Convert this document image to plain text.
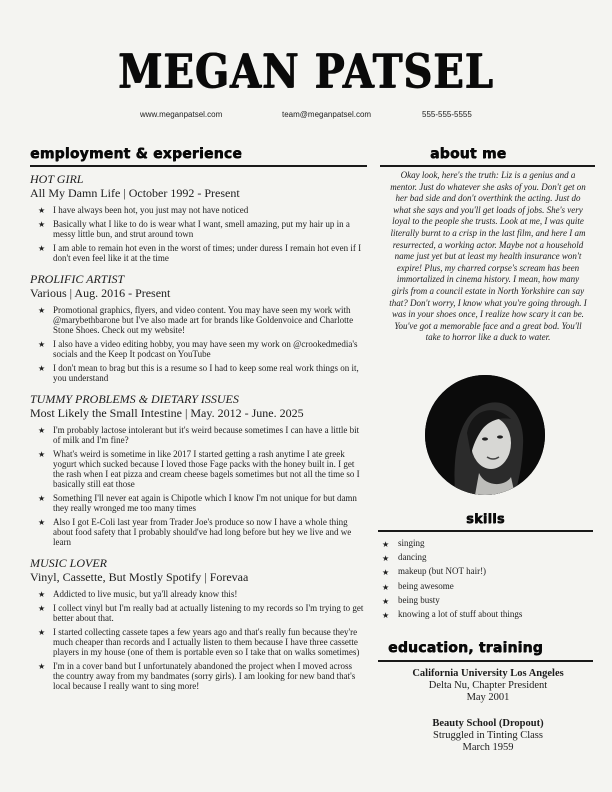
MEGAN PATSEL
www.meganpatsel.com	team@meganpatsel.com	555-555-5555
employment & experience
HOT GIRL
All My Damn Life | October 1992 - Present
★ I have always been hot, you just may not have noticed
★ Basically what I like to do is wear what I want, smell amazing, put my hair up in a messy little bun, and strut around town
★ I am able to remain hot even in the worst of times; under duress I remain hot even if I don't even feel like it at the time
PROLIFIC ARTIST
Various | Aug. 2016 - Present
★ Promotional graphics, flyers, and video content. You may have seen my work with @marybethbarone but I've also made art for brands like Goldenvoice and Charlotte Stone Shoes. Check out my website!
★ I also have a video editing hobby, you may have seen my work on @crookedmedia's socials and the Keep It podcast on YouTube
★ I don't mean to brag but this is a resume so I had to keep some real work things on it, you understand
TUMMY PROBLEMS & DIETARY ISSUES
Most Likely the Small Intestine | May. 2012 - June. 2025
★ I'm probably lactose intolerant but it's weird because sometimes I can have a little bit of milk and I'm fine?
★ What's weird is sometime in like 2017 I started getting a rash anytime I ate greek yogurt which sucked because I loved those Fage packs with the honey built in. I get the rash when I eat pizza and cream cheese bagels sometimes but not all the time so I basically still eat those
★ Something I'll never eat again is Chipotle which I know I'm not unique for but damn they really wronged me too many times
★ Also I got E-Coli last year from Trader Joe's produce so now I have a whole thing about food safety that I probably should've had long before but hey we live and we learn
MUSIC LOVER
Vinyl, Cassette, But Mostly Spotify | Forevaa
★ Addicted to live music, but ya'll already know this!
★ I collect vinyl but I'm really bad at actually listening to my records so I'm trying to get better about that.
★ I started collecting cassete tapes a few years ago and that's really fun because they're much cheaper than records and I actually listen to them because I have three cassette players in my house (one of them is portable even so I take that on walks sometimes)
★ I'm in a cover band but I unfortunately abandoned the project when I moved across the country away from my bandmates (sorry girls). I am looking for new band that's local because I really want to sing more!
about me
Okay look, here's the truth: Liz is a genius and a mentor. Just do whatever she asks of you. Don't get on her bad side and don't overthink the acting. Just do what she says and you'll get loads of jobs. She's very loyal to the people she trusts. Look at me, I was quite literally burnt to a crisp in the last film, and here I am resurrected, a working actor. Maybe not a household name just yet but at least my health insurance won't expire! Plus, my charred corpse's scream has been immortalized in cinema history. I mean, how many girls from a council estate in North Yorkshire can say that? Don't worry, I know what you're going through. I was in your shoes once, I realize how scary it can be. You've got a memorable face and a great bod. You'll take to horror like a duck to water.
skills
★ singing
★ dancing
★ makeup (but NOT hair!)
★ being awesome
★ being busty
★ knowing a lot of stuff about things
education, training
California University Los Angeles
Delta Nu, Chapter President
May 2001
Beauty School (Dropout)
Struggled in Tinting Class
March 1959
